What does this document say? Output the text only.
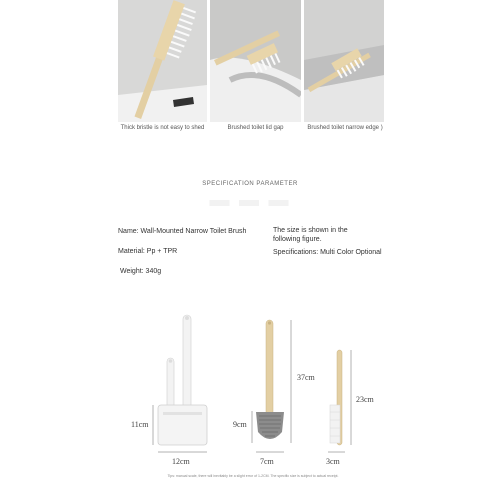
Thick bristle is not easy to shed	Brushed toilet lid gap	Brushed toilet narrow edge )
SPECIFICATION PARAMETER
▬ ▬ ▬
Name: Wall-Mounted Narrow Toilet Brush
Material: Pp + TPR
Weight: 340g
The size is shown in the following figure.
Specifications: Multi Color Optional
11cm
12cm
9cm
7cm
37cm
23cm
3cm
Tips: manual scale, there will inevitably be a slight error of 1-2CM. The specific size is subject to actual receipt.
